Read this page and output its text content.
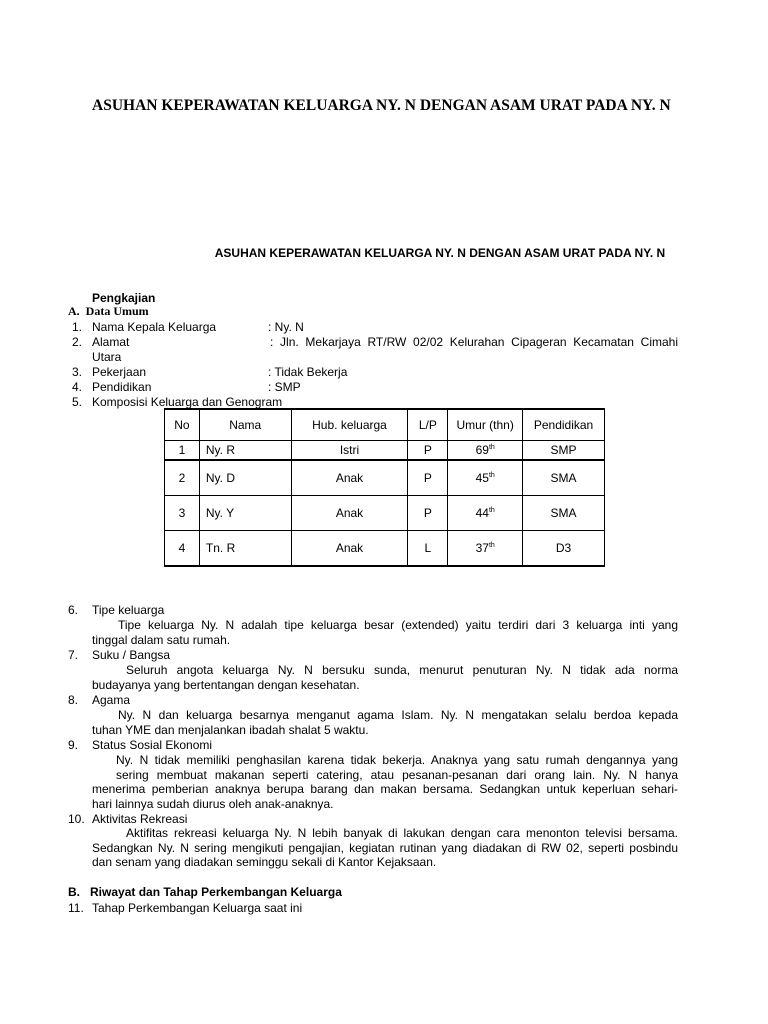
ASUHAN KEPERAWATAN KELUARGA NY. N DENGAN ASAM URAT PADA NY. N
ASUHAN KEPERAWATAN KELUARGA NY. N DENGAN ASAM URAT PADA NY. N
Pengkajian
A. Data Umum
1. Nama Kepala Keluarga	: Ny. N
2. Alamat	: Jln. Mekarjaya RT/RW 02/02 Kelurahan Cipageran Kecamatan Cimahi
Utara
3. Pekerjaan	: Tidak Bekerja
4. Pendidikan	: SMP
5. Komposisi Keluarga dan Genogram
No	Nama	Hub. keluarga	L/P	Umur (thn)	Pendidikan
1	Ny. R	Istri	P	69th	SMP
2	Ny. D	Anak	P	45th	SMA
3	Ny. Y	Anak	P	44th	SMA
4	Tn. R	Anak	L	37th	D3
6. Tipe keluarga
Tipe keluarga Ny. N adalah tipe keluarga besar (extended) yaitu terdiri dari 3 keluarga inti yang
tinggal dalam satu rumah.
7. Suku / Bangsa
Seluruh angota keluarga Ny. N bersuku sunda, menurut penuturan Ny. N tidak ada norma
budayanya yang bertentangan dengan kesehatan.
8. Agama
Ny. N dan keluarga besarnya menganut agama Islam. Ny. N mengatakan selalu berdoa kepada
tuhan YME dan menjalankan ibadah shalat 5 waktu.
9. Status Sosial Ekonomi
Ny. N tidak memiliki penghasilan karena tidak bekerja. Anaknya yang satu rumah dengannya yang
sering membuat makanan seperti catering, atau pesanan-pesanan dari orang lain. Ny. N hanya
menerima pemberian anaknya berupa barang dan makan bersama. Sedangkan untuk keperluan sehari-
hari lainnya sudah diurus oleh anak-anaknya.
10. Aktivitas Rekreasi
Aktifitas rekreasi keluarga Ny. N lebih banyak di lakukan dengan cara menonton televisi bersama.
Sedangkan Ny. N sering mengikuti pengajian, kegiatan rutinan yang diadakan di RW 02, seperti posbindu
dan senam yang diadakan seminggu sekali di Kantor Kejaksaan.
B. Riwayat dan Tahap Perkembangan Keluarga
11. Tahap Perkembangan Keluarga saat ini
